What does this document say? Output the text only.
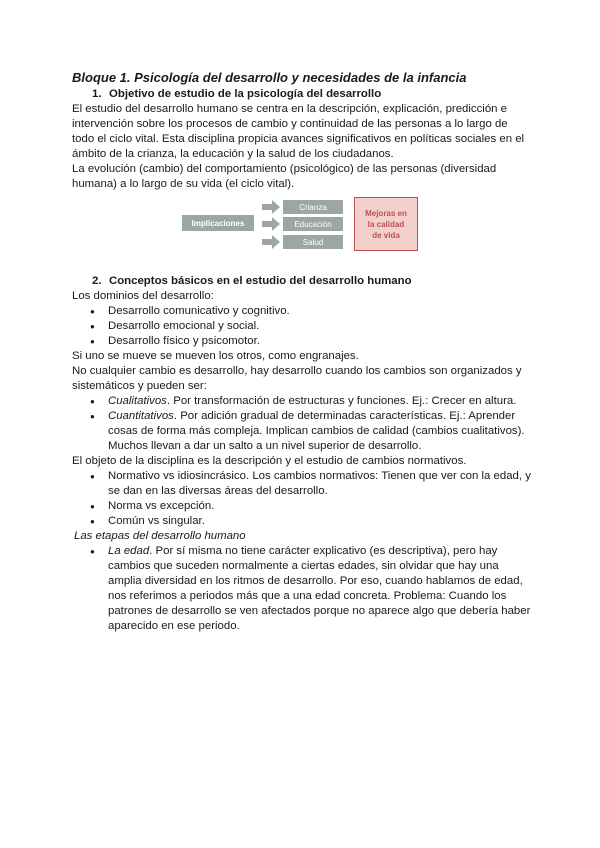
Bloque 1. Psicología del desarrollo y necesidades de la infancia

1. Objetivo de estudio de la psicología del desarrollo

El estudio del desarrollo humano se centra en la descripción, explicación, predicción e intervención sobre los procesos de cambio y continuidad de las personas a lo largo de todo el ciclo vital. Esta disciplina propicia avances significativos en políticas sociales en el ámbito de la crianza, la educación y la salud de los ciudadanos.

La evolución (cambio) del comportamiento (psicológico) de las personas (diversidad humana) a lo largo de su vida (el ciclo vital).

Implicaciones
Crianza
Educación
Salud
Mejoras en
la calidad
de vida
2. Conceptos básicos en el estudio del desarrollo humano

Los dominios del desarrollo:

● Desarrollo comunicativo y cognitivo.
● Desarrollo emocional y social.
● Desarrollo físico y psicomotor.

Si uno se mueve se mueven los otros, como engranajes.

No cualquier cambio es desarrollo, hay desarrollo cuando los cambios son organizados y sistemáticos y pueden ser:

● Cualitativos. Por transformación de estructuras y funciones. Ej.: Crecer en altura.
● Cuantitativos. Por adición gradual de determinadas características. Ej.: Aprender cosas de forma más compleja. Implican cambios de calidad (cambios cualitativos). Muchos llevan a dar un salto a un nivel superior de desarrollo.

El objeto de la disciplina es la descripción y el estudio de cambios normativos.

● Normativo vs idiosincrásico. Los cambios normativos: Tienen que ver con la edad, y se dan en las diversas áreas del desarrollo.
● Norma vs excepción.
● Común vs singular.

Las etapas del desarrollo humano

● La edad. Por sí misma no tiene carácter explicativo (es descriptiva), pero hay cambios que suceden normalmente a ciertas edades, sin olvidar que hay una amplia diversidad en los ritmos de desarrollo. Por eso, cuando hablamos de edad, nos referimos a periodos más que a una edad concreta. Problema: Cuando los patrones de desarrollo se ven afectados porque no aparece algo que debería haber aparecido en ese periodo.
